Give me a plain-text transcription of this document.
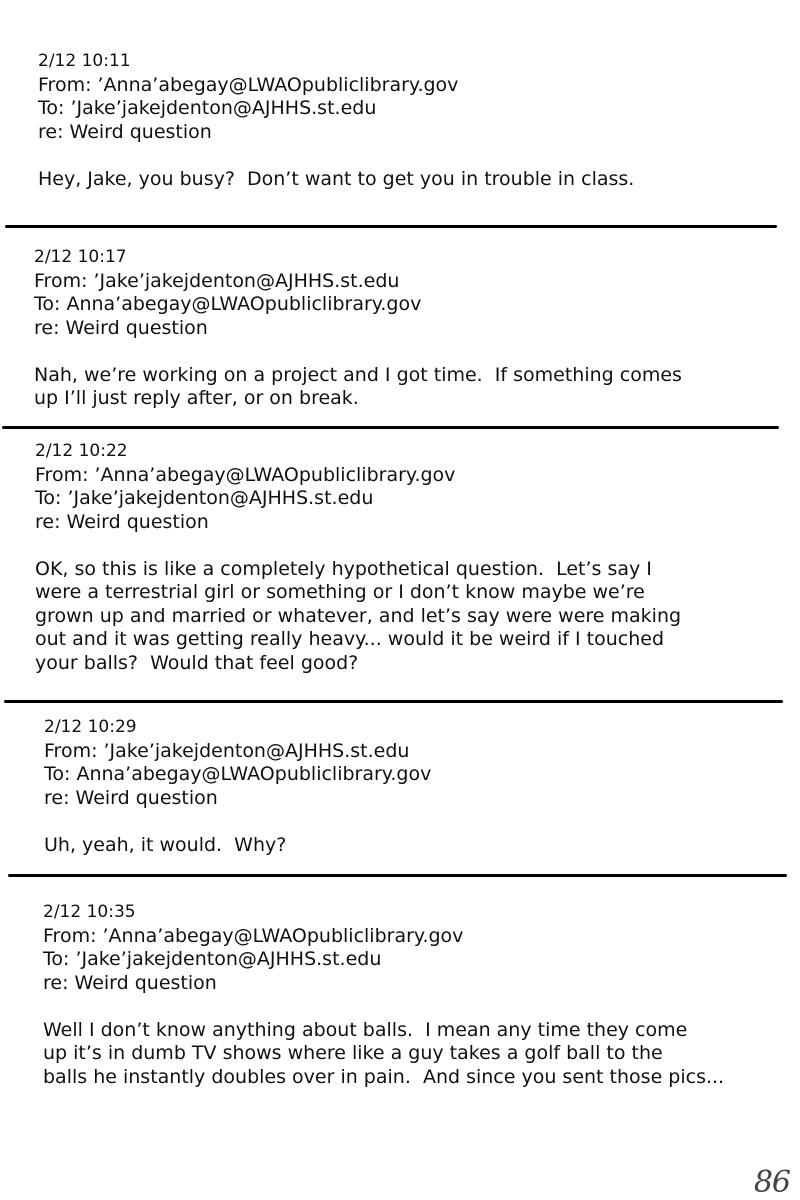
2/12 10:11
From: ’Anna’abegay@LWAOpubliclibrary.gov
To: ’Jake’jakejdenton@AJHHS.st.edu
re: Weird question
Hey, Jake, you busy?  Don’t want to get you in trouble in class.
2/12 10:17
From: ’Jake’jakejdenton@AJHHS.st.edu
To: Anna’abegay@LWAOpubliclibrary.gov
re: Weird question
Nah, we’re working on a project and I got time.  If something comes
up I’ll just reply after, or on break.
2/12 10:22
From: ’Anna’abegay@LWAOpubliclibrary.gov
To: ’Jake’jakejdenton@AJHHS.st.edu
re: Weird question
OK, so this is like a completely hypothetical question.  Let’s say I
were a terrestrial girl or something or I don’t know maybe we’re
grown up and married or whatever, and let’s say were were making
out and it was getting really heavy... would it be weird if I touched
your balls?  Would that feel good?
2/12 10:29
From: ’Jake’jakejdenton@AJHHS.st.edu
To: Anna’abegay@LWAOpubliclibrary.gov
re: Weird question
Uh, yeah, it would.  Why?
2/12 10:35
From: ’Anna’abegay@LWAOpubliclibrary.gov
To: ’Jake’jakejdenton@AJHHS.st.edu
re: Weird question
Well I don’t know anything about balls.  I mean any time they come
up it’s in dumb TV shows where like a guy takes a golf ball to the
balls he instantly doubles over in pain.  And since you sent those pics...
86
